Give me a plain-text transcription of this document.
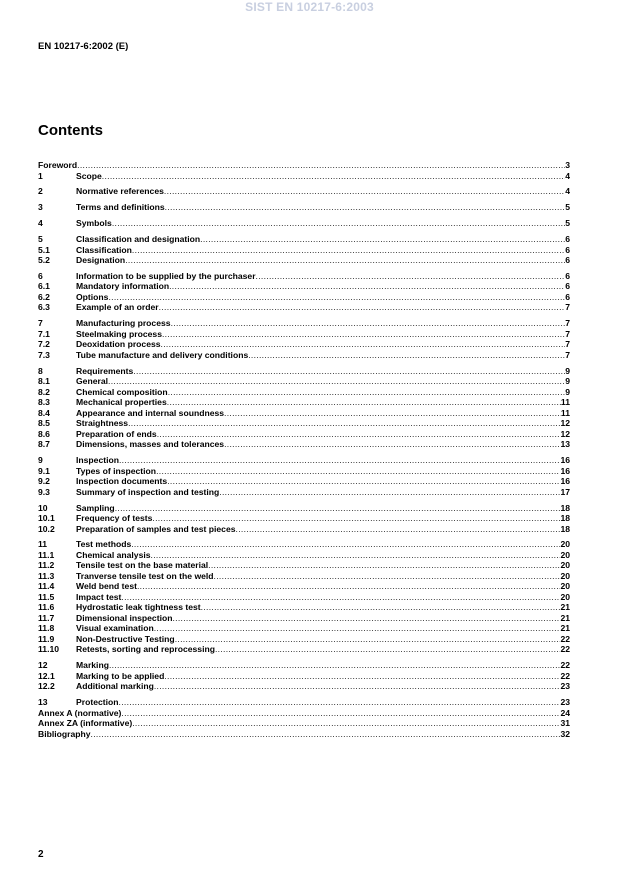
SIST EN 10217-6:2003
EN 10217-6:2002 (E)
Contents
Foreword .....	3
1	Scope .....	4
2	Normative references .....	4
3	Terms and definitions .....	5
4	Symbols .....	5
5	Classification and designation .....	6
5.1	Classification .....	6
5.2	Designation .....	6
6	Information to be supplied by the purchaser .....	6
6.1	Mandatory information .....	6
6.2	Options .....	6
6.3	Example of an order .....	7
7	Manufacturing process .....	7
7.1	Steelmaking process .....	7
7.2	Deoxidation process .....	7
7.3	Tube manufacture and delivery conditions .....	7
8	Requirements .....	9
8.1	General .....	9
8.2	Chemical composition .....	9
8.3	Mechanical properties .....	11
8.4	Appearance and internal soundness .....	11
8.5	Straightness .....	12
8.6	Preparation of ends .....	12
8.7	Dimensions, masses and tolerances .....	13
9	Inspection .....	16
9.1	Types of inspection .....	16
9.2	Inspection documents .....	16
9.3	Summary of inspection and testing .....	17
10	Sampling .....	18
10.1 Frequency of tests .....	18
10.2 Preparation of samples and test pieces .....	18
11	Test methods .....	20
11.1	Chemical analysis .....	20
11.2	Tensile test on the base material .....	20
11.3	Tranverse tensile test on the weld .....	20
11.4	Weld bend test .....	20
11.5	Impact test .....	20
11.6	Hydrostatic leak tightness test .....	21
11.7	Dimensional inspection .....	21
11.8	Visual examination .....	21
11.9	Non-Destructive Testing .....	22
11.10 Retests, sorting and reprocessing .....	22
12	Marking .....	22
12.1 Marking to be applied .....	22
12.2 Additional marking .....	23
13	Protection .....	23
Annex A (normative) .....	24
Annex ZA (informative) .....	31
Bibliography .....	32
2
